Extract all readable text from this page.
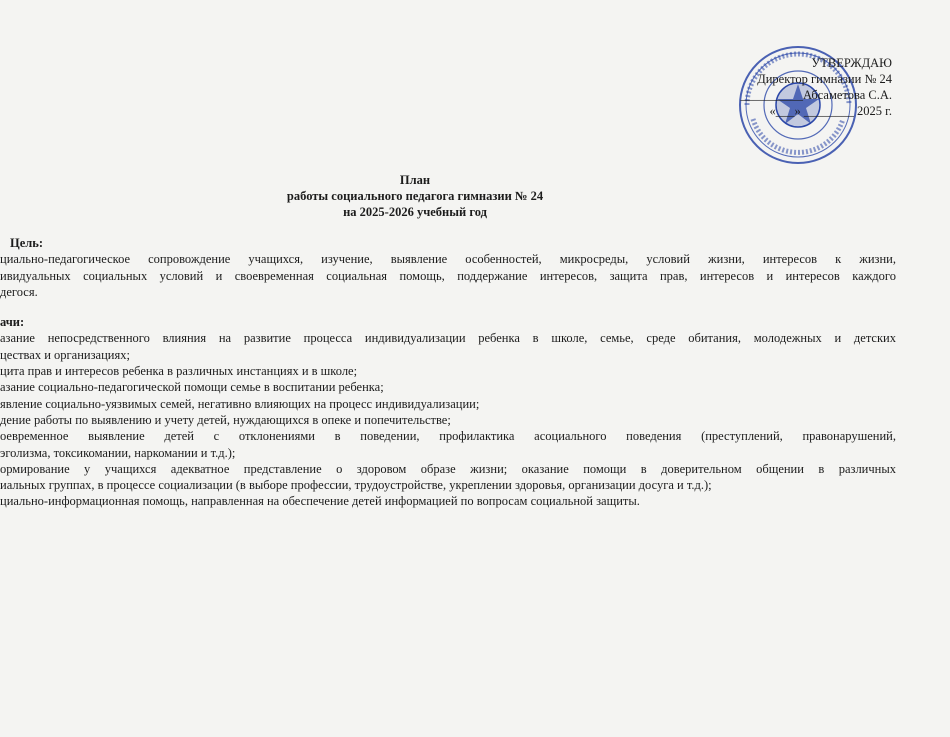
УТВЕРЖДАЮ
Директор гимназии № 24
__________Абсаметова С.А.
«___» ________ 2025 г.
План
работы социального педагога гимназии № 24
на 2025-2026 учебный год
Цель:
циально-педагогическое сопровождение учащихся, изучение, выявление особенностей, микросреды, условий жизни, интересов к жизни,
ивидуальных социальных условий и своевременная социальная помощь, поддержание интересов, защита прав, интересов и интересов каждого
дегося.
ачи:
азание непосредственного влияния на развитие процесса индивидуализации ребенка в школе, семье, среде обитания, молодежных и детских
цествах и организациях;
цита прав и интересов ребенка в различных инстанциях и в школе;
азание социально-педагогической помощи семье в воспитании ребенка;
явление социально-уязвимых семей, негативно влияющих на процесс индивидуализации;
дение работы по выявлению и учету детей, нуждающихся в опеке и попечительстве;
оевременное выявление детей с отклонениями в поведении, профилактика асоциального поведения (преступлений, правонарушений,
эголизма, токсикомании, наркомании и т.д.);
ормирование у учащихся адекватное представление о здоровом образе жизни; оказание помощи в доверительном общении в различных
иальных группах, в процессе социализации (в выборе профессии, трудоустройстве, укреплении здоровья, организации досуга и т.д.);
циально-информационная помощь, направленная на обеспечение детей информацией по вопросам социальной защиты.
